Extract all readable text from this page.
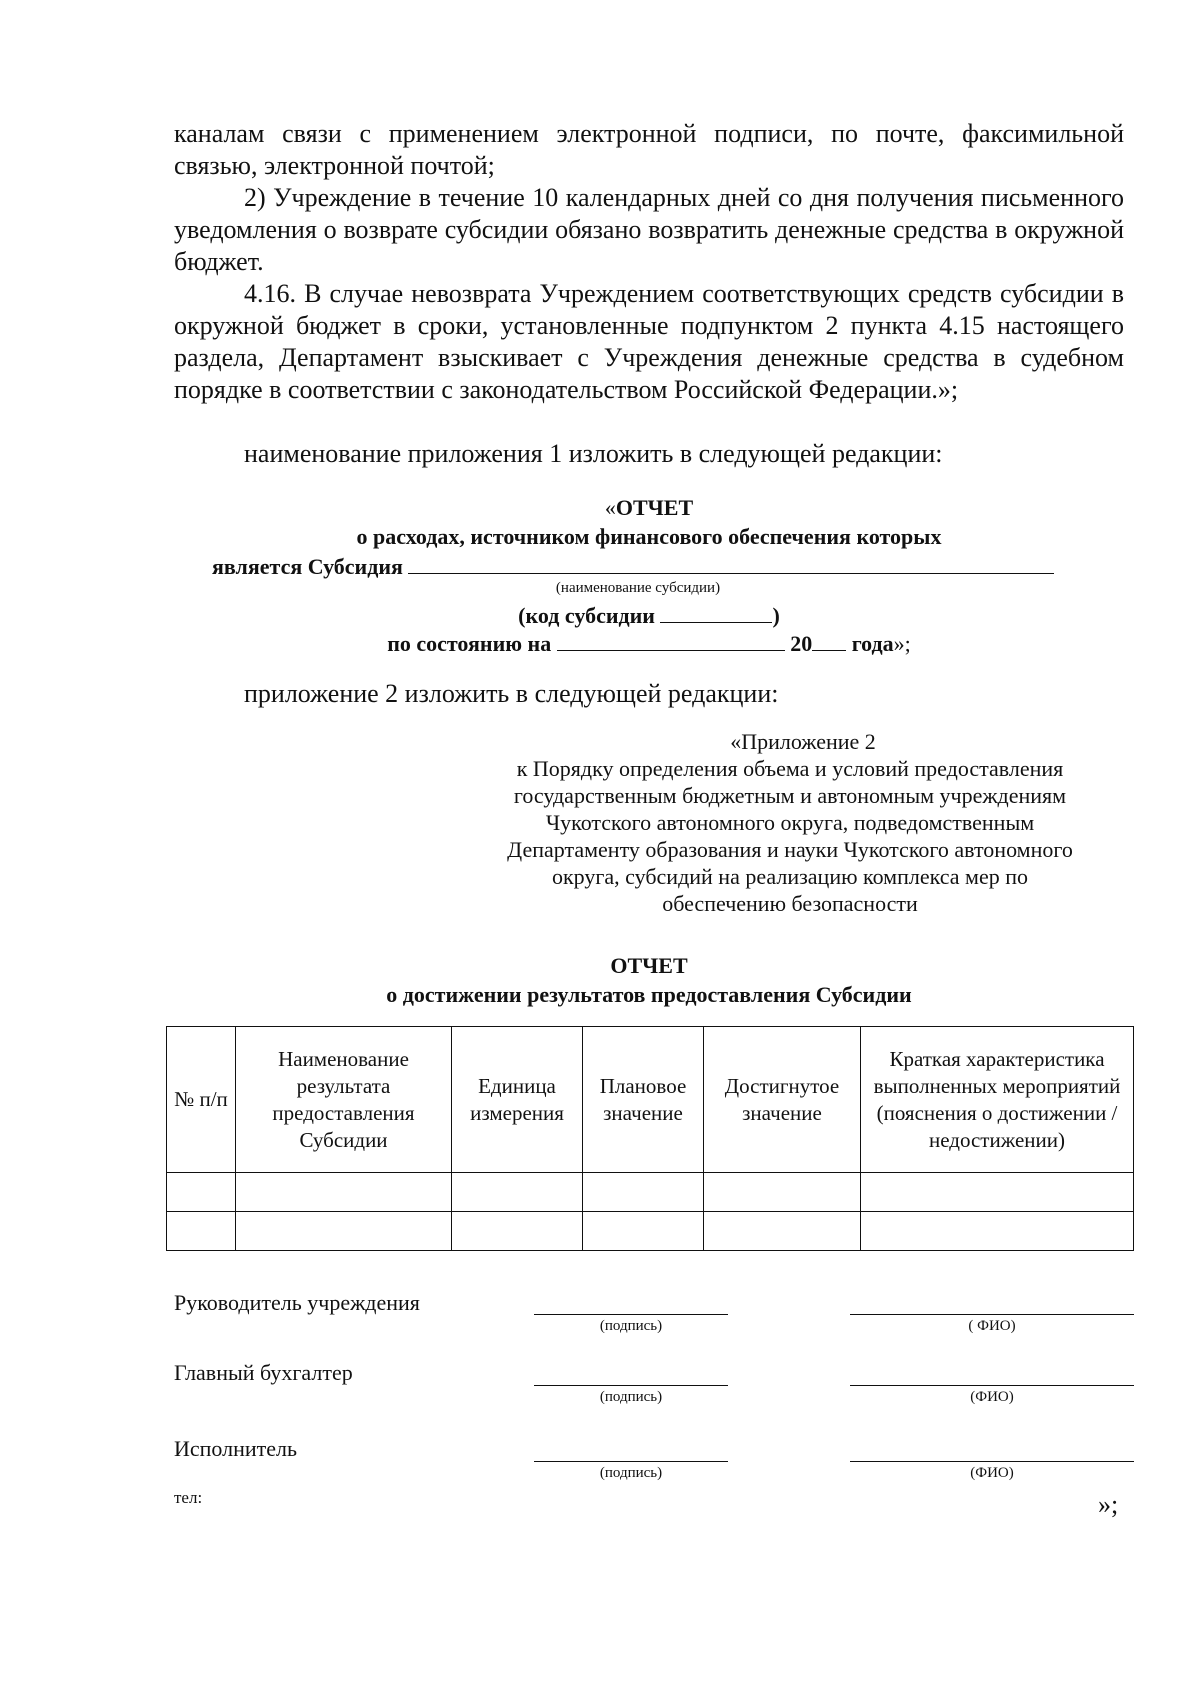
каналам связи с применением электронной подписи, по почте, факсимильной связью, электронной почтой;
2) Учреждение в течение 10 календарных дней со дня получения письменного уведомления о возврате субсидии обязано возвратить денежные средства в окружной бюджет.
4.16. В случае невозврата Учреждением соответствующих средств субсидии в окружной бюджет в сроки, установленные подпунктом 2 пункта 4.15 настоящего раздела, Департамент взыскивает с Учреждения денежные средства в судебном порядке в соответствии с законодательством Российской Федерации.»;
наименование приложения 1 изложить в следующей редакции:
«ОТЧЕТ
о расходах, источником финансового обеспечения которых
является Субсидия
(наименование субсидии)
(код субсидии	)
по состоянию на	20 года»;
приложение 2 изложить в следующей редакции:
«Приложение 2
к Порядку определения объема и условий предоставления
государственным бюджетным и автономным учреждениям
Чукотского автономного округа, подведомственным
Департаменту образования и науки Чукотского автономного
округа, субсидий на реализацию комплекса мер по
обеспечению безопасности
ОТЧЕТ
о достижении результатов предоставления Субсидии
№ п/п	Наименование результата предоставления Субсидии	Единица измерения	Плановое значение	Достигнутое значение	Краткая характеристика выполненных мероприятий (пояснения о достижении / недостижении)

Руководитель учреждения
(подпись)	( ФИО)
Главный бухгалтер
(подпись)	(ФИО)
Исполнитель
(подпись)	(ФИО)
тел:	»;
